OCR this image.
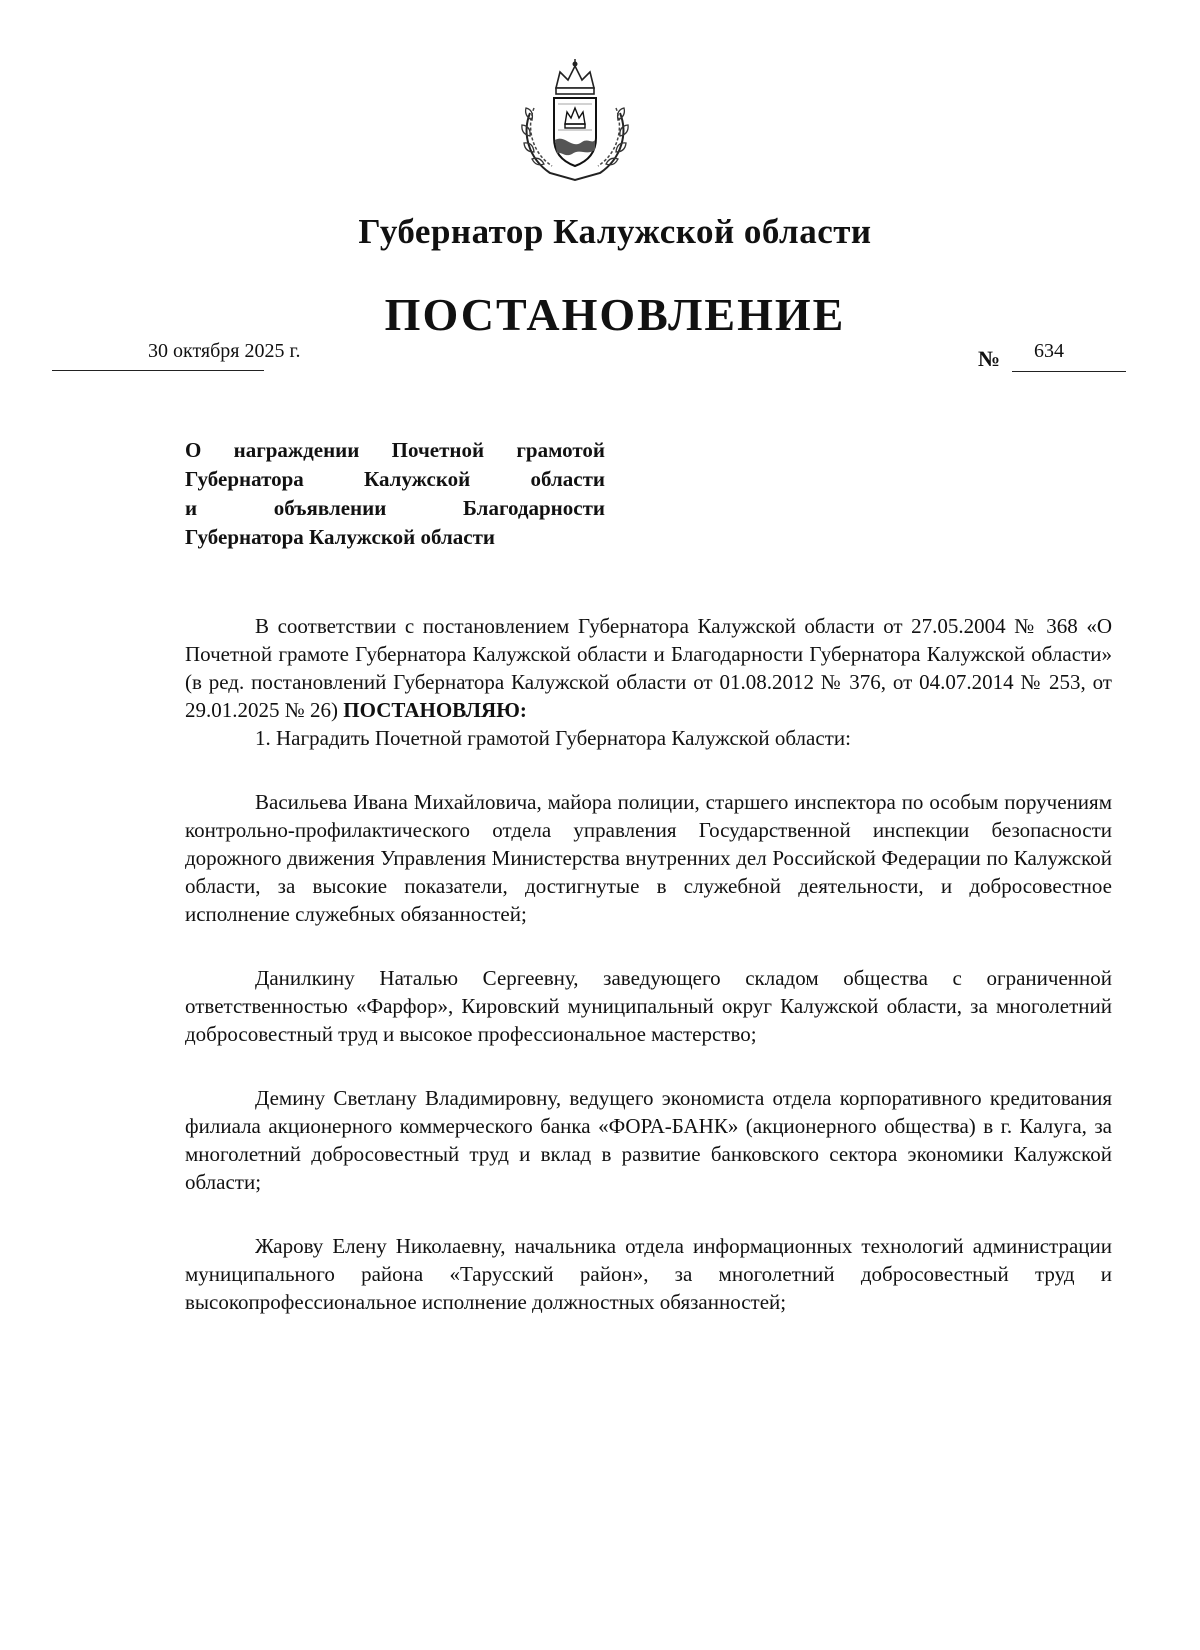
Губернатор Калужской области
ПОСТАНОВЛЕНИЕ
30 октября 2025 г.	№ 634
О награждении Почетной грамотой
Губернатора Калужской области
и объявлении Благодарности
Губернатора Калужской области

В соответствии с постановлением Губернатора Калужской области от 27.05.2004 № 368 «О Почетной грамоте Губернатора Калужской области и Благодарности Губернатора Калужской области» (в ред. постановлений Губернатора Калужской области от 01.08.2012 № 376, от 04.07.2014 № 253, от 29.01.2025 № 26) ПОСТАНОВЛЯЮ:

1. Наградить Почетной грамотой Губернатора Калужской области:

Васильева Ивана Михайловича, майора полиции, старшего инспектора по особым поручениям контрольно-профилактического отдела управления Государственной инспекции безопасности дорожного движения Управления Министерства внутренних дел Российской Федерации по Калужской области, за высокие показатели, достигнутые в служебной деятельности, и добросовестное исполнение служебных обязанностей;

Данилкину Наталью Сергеевну, заведующего складом общества с ограниченной ответственностью «Фарфор», Кировский муниципальный округ Калужской области, за многолетний добросовестный труд и высокое профессиональное мастерство;

Демину Светлану Владимировну, ведущего экономиста отдела корпоративного кредитования филиала акционерного коммерческого банка «ФОРА-БАНК» (акционерного общества) в г. Калуга, за многолетний добросовестный труд и вклад в развитие банковского сектора экономики Калужской области;

Жарову Елену Николаевну, начальника отдела информационных технологий администрации муниципального района «Тарусский район», за многолетний добросовестный труд и высокопрофессиональное исполнение должностных обязанностей;
